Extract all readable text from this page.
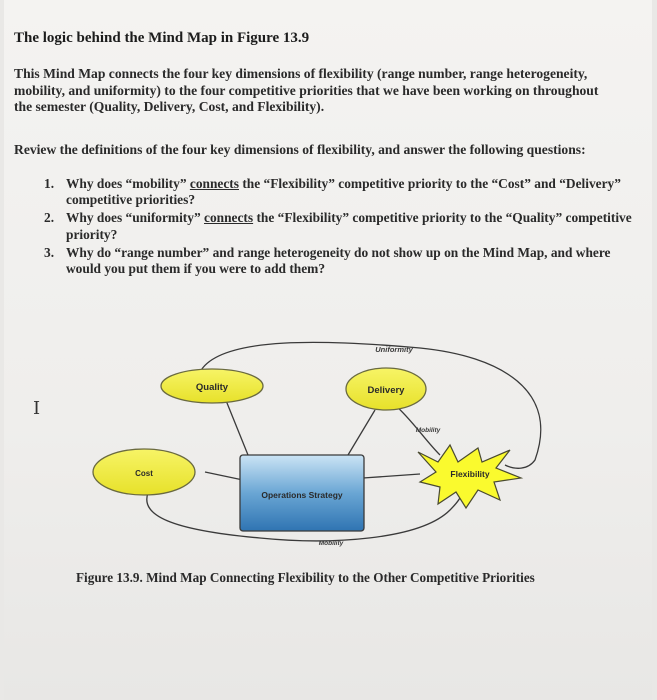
The logic behind the Mind Map in Figure 13.9
This Mind Map connects the four key dimensions of flexibility (range number, range heterogeneity, mobility, and uniformity) to the four competitive priorities that we have been working on throughout the semester (Quality, Delivery, Cost, and Flexibility).
Review the definitions of the four key dimensions of flexibility, and answer the following questions:
1. Why does “mobility” connects the “Flexibility” competitive priority to the “Cost” and “Delivery” competitive priorities?
2. Why does “uniformity” connects the “Flexibility” competitive priority to the “Quality” competitive priority?
3. Why do “range number” and range heterogeneity do not show up on the Mind Map, and where would you put them if you were to add them?
I
Quality	Delivery
Cost
Operations Strategy
Flexibility
Uniformity
Mobility
Mobility
Figure 13.9. Mind Map Connecting Flexibility to the Other Competitive Priorities
